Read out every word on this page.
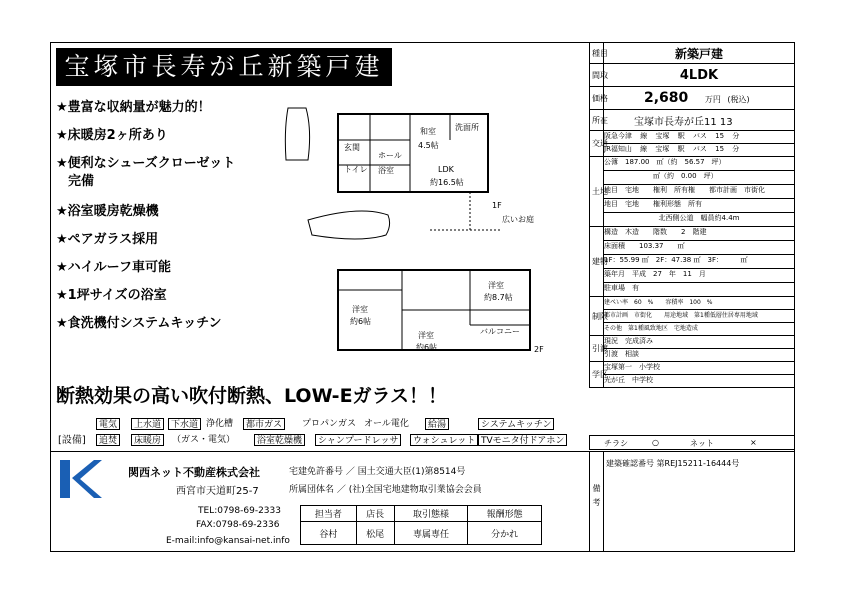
宝塚市長寿が丘新築戸建
★豊富な収納量が魅力的！
★床暖房2ヶ所あり
★便利なシューズクローゼット
完備
★浴室暖房乾燥機
★ペアガラス採用
★ハイルーフ車可能
★1坪サイズの浴室
★食洗機付システムキッチン
和室
4.5帖
LDK
約16.5帖
洗面所
浴室
玄関
ホール
トイレ
1F
広いお庭
洋室
約6帖
洋室
約6帖
洋室
約8.7帖
バルコニー
2F
断熱効果の高い吹付断熱、LOW-Eガラス！！
[設備]
電気	上水道	下水道 浄化槽	都市ガス	プロパンガス オール電化	給湯	システムキッチン
追焚	床暖房	（ガス・電気）	浴室乾燥機	シャンプードレッサ	ウォシュレット TVモニタ付ドアホン
関西ネット不動産株式会社
西宮市天道町25-7
宅建免許番号 ／ 国土交通大臣(1)第8514号
所属団体名 ／ (社)全国宅地建物取引業協会会員
TEL:0798-69-2333
FAX:0798-69-2336
E-mail:info@kansai-net.info
担当者	店長	取引態様	報酬形態
谷村	松尾	専属専任	分かれ
種目	新築戸建
間取	4LDK
価格	2,680 万円 (税込)
所在	宝塚市長寿が丘11 13
交通	阪急今津 線 宝塚 駅 バス 15 分
JR福知山 線 宝塚 駅 バス 15 分

土地	公簿　187.00　㎡（約　56.57　坪）
　　　　　　　㎡（約　0.00　坪）
地目　宅地　　権利　所有権　　都市計画　市街化
地目　宅地　　権利形態　所有
北西側公道　幅員約4.4m

建物	構造　木造　　階数　　2　階建
床面積　　103.37　　㎡
1F：55.99 ㎡　2F：47.38 ㎡　3F：　　　㎡
築年月　平成　27　年　11　月
駐車場　有

制限	建ぺい率　60　%　　容積率　100　%
都市計画　市街化　　用途地域　第1種低層住居専用地域
その他　第1種風致地区　宅地造成

引渡	現況　完成済み
引渡　相談

学区	宝塚第一　小学校
光が丘　中学校
チラシ	○	ネット	×
備考
建築確認番号 第REJ15211-16444号
